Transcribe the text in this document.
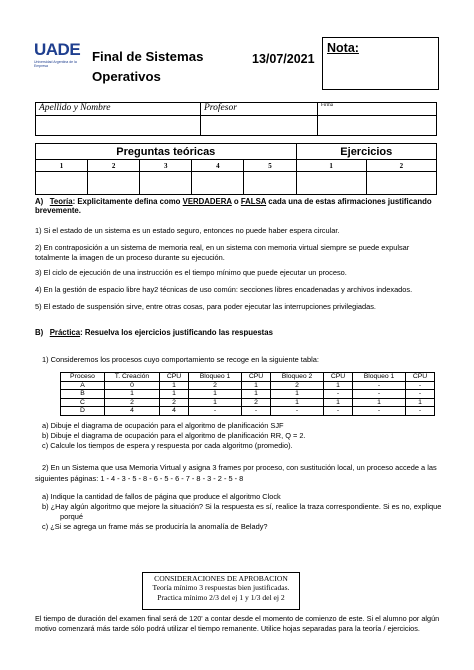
UADE
Universidad Argentina de la Empresa
Final de Sistemas
Operativos
13/07/2021
Nota:
Apellido y Nombre	Profesor	Firma

Preguntas teóricas					Ejercicios	
1	2	3	4	5	1	2

A) Teoría: Explicitamente defina como VERDADERA o FALSA cada una de estas afirmaciones justificando brevemente.
1) Si el estado de un sistema es un estado seguro, entonces no puede haber espera circular.
2) En contraposición a un sistema de memoria real, en un sistema con memoria virtual siempre se puede expulsar totalmente la imagen de un proceso durante su ejecución.
3) El ciclo de ejecución de una instrucción es el tiempo mínimo que puede ejecutar un proceso.
4) En la gestión de espacio libre hay2 técnicas de uso común: secciones libres encadenadas y archivos indexados.
5) El estado de suspensión sirve, entre otras cosas, para poder ejecutar las interrupciones privilegiadas.
B) Práctica: Resuelva los ejercicios justificando las respuestas
1) Consideremos los procesos cuyo comportamiento se recoge en la siguiente tabla:
Proceso	T. Creación	CPU	Bloqueo 1	CPU	Bloqueo 2	CPU	Bloqueo 1	CPU
A	0	1	2	1	2	1	-	-
B	1	1	1	1	1	-	-	-
C	2	2	1	2	1	1	1	1
D	4	4	-	-	-	-	-	-
a) Dibuje el diagrama de ocupación para el algoritmo de planificación SJF
b) Dibuje el diagrama de ocupación para el algoritmo de planificación RR, Q = 2.
c) Calcule los tiempos de espera y respuesta por cada algoritmo (promedio).
2) En un Sistema que usa Memoria Virtual y asigna 3 frames por proceso, con sustitución local, un proceso accede a las
siguientes páginas: 1 - 4 - 3 - 5 - 8 - 6 - 5 - 6 - 7 - 8 - 3 - 2 - 5 - 8
a) Indique la cantidad de fallos de página que produce el algoritmo Clock
b) ¿Hay algún algoritmo que mejore la situación? Si la respuesta es sí, realice la traza correspondiente. Si es no, explique
porqué
c) ¿Si se agrega un frame más se produciría la anomalía de Belady?
CONSIDERACIONES DE APROBACION
Teoría mínimo 3 respuestas bien justificadas.
Practica mínimo 2/3 del ej 1 y 1/3 del ej 2
El tiempo de duración del examen final será de 120' a contar desde el momento de comienzo de este. Si el alumno por algún
motivo comenzará más tarde sólo podrá utilizar el tiempo remanente. Utilice hojas separadas para la teoría / ejercicios.
